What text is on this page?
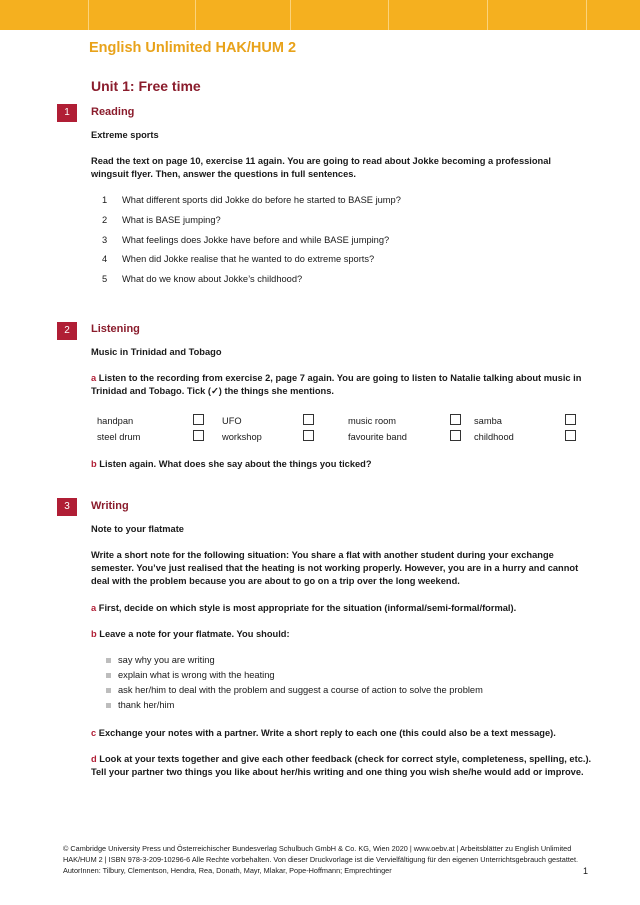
English Unlimited HAK/HUM 2
Unit 1: Free time
1	Reading
Extreme sports
Read the text on page 10, exercise 11 again. You are going to read about Jokke becoming a professional wingsuit flyer. Then, answer the questions in full sentences.
1 What different sports did Jokke do before he started to BASE jump?
2 What is BASE jumping?
3 What feelings does Jokke have before and while BASE jumping?
4 When did Jokke realise that he wanted to do extreme sports?
5 What do we know about Jokke’s childhood?
2	Listening
Music in Trinidad and Tobago
a Listen to the recording from exercise 2, page 7 again. You are going to listen to Natalie talking about music in Trinidad and Tobago. Tick (✓) the things she mentions.
handpan	UFO	music room	samba
steel drum	workshop	favourite band	childhood
b Listen again. What does she say about the things you ticked?
3	Writing
Note to your flatmate
Write a short note for the following situation: You share a flat with another student during your exchange semester. You’ve just realised that the heating is not working properly. However, you are in a hurry and cannot deal with the problem because you are about to go on a trip over the long weekend.
a First, decide on which style is most appropriate for the situation (informal/semi-formal/formal).
b Leave a note for your flatmate. You should:
say why you are writing
explain what is wrong with the heating
ask her/him to deal with the problem and suggest a course of action to solve the problem
thank her/him
c Exchange your notes with a partner. Write a short reply to each one (this could also be a text message).
d Look at your texts together and give each other feedback (check for correct style, completeness, spelling, etc.). Tell your partner two things you like about her/his writing and one thing you wish she/he would add or improve.
© Cambridge University Press und Österreichischer Bundesverlag Schulbuch GmbH & Co. KG, Wien 2020 | www.oebv.at | Arbeitsblätter zu English Unlimited HAK/HUM 2 | ISBN 978-3-209-10296-6 Alle Rechte vorbehalten. Von dieser Druckvorlage ist die Vervielfältigung für den eigenen Unterrichtsgebrauch gestattet.
AutorInnen: Tilbury, Clementson, Hendra, Rea, Donath, Mayr, Mlakar, Pope-Hoffmann; Emprechtinger	1
